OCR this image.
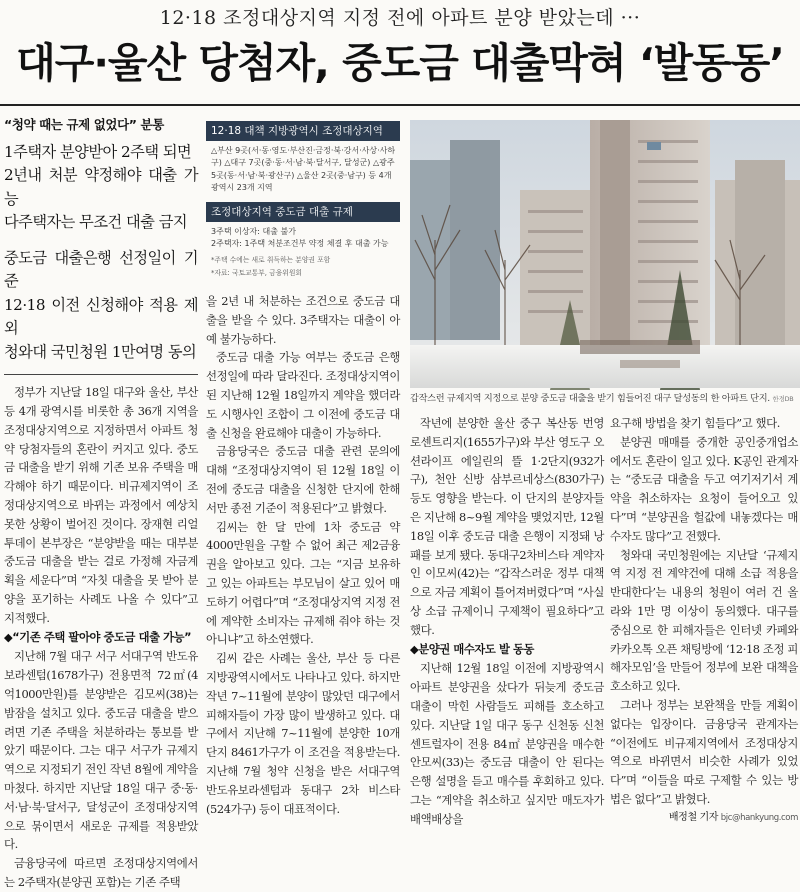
12·18 조정대상지역 지정 전에 아파트 분양 받았는데 ···
대구·울산 당첨자, 중도금 대출막혀 ‘발동동’
“청약 때는 규제 없었다” 분통
1주택자 분양받아 2주택 되면
2년내 처분 약정해야 대출 가능
다주택자는 무조건 대출 금지
중도금 대출은행 선정일이 기준
12·18 이전 신청해야 적용 제외
청와대 국민청원 1만여명 동의

정부가 지난달 18일 대구와 울산, 부산 등 4개 광역시를 비롯한 총 36개 지역을 조정대상지역으로 지정하면서 아파트 청약 당첨자들의 혼란이 커지고 있다. 중도금 대출을 받기 위해 기존 보유 주택을 매각해야 하기 때문이다. 비규제지역이 조정대상지역으로 바뀌는 과정에서 예상치 못한 상황이 벌어진 것이다. 장재현 리얼투데이 본부장은 “분양받을 때는 대부분 중도금 대출을 받는 걸로 가정해 자금계획을 세운다”며 “자칫 대출을 못 받아 분양을 포기하는 사례도 나올 수 있다”고 지적했다.

◆“기존 주택 팔아야 중도금 대출 가능”

지난해 7월 대구 서구 서대구역 반도유보라센텀(1678가구) 전용면적 72㎡(4억1000만원)를 분양받은 김모씨(38)는 밤잠을 설치고 있다. 중도금 대출을 받으려면 기존 주택을 처분하라는 통보를 받았기 때문이다. 그는 대구 서구가 규제지역으로 지정되기 전인 작년 8월에 계약을 마쳤다. 하지만 지난달 18일 대구 중·동·서·남·북·달서구, 달성군이 조정대상지역으로 묶이면서 새로운 규제를 적용받았다.

금융당국에 따르면 조정대상지역에서는 2주택자(분양권 포함)는 기존 주택

12·18 대책 지방광역시 조정대상지역
△부산 9곳(서·동·영도·부산진·금정·북·강서·사상·사하구) △대구 7곳(중·동·서·남·북·달서구, 달성군) △광주 5곳(동·서·남·북·광산구) △울산 2곳(중·남구) 등 4개 광역시 23개 지역
조정대상지역 중도금 대출 규제
3주택 이상자: 대출 불가
2주택자: 1주택 처분조건부 약정 체결 후 대출 가능
*주택 수에는 새로 취득하는 분양권 포함
*자료: 국토교통부, 금융위원회

을 2년 내 처분하는 조건으로 중도금 대출을 받을 수 있다. 3주택자는 대출이 아예 불가능하다.

중도금 대출 가능 여부는 중도금 은행 선정일에 따라 달라진다. 조정대상지역이 된 지난해 12월 18일까지 계약을 했더라도 시행사인 조합이 그 이전에 중도금 대출 신청을 완료해야 대출이 가능하다.

금융당국은 중도금 대출 관련 문의에 대해 “조정대상지역이 된 12월 18일 이전에 중도금 대출을 신청한 단지에 한해서만 종전 기준이 적용된다”고 밝혔다.

김씨는 한 달 만에 1차 중도금 약 4000만원을 구할 수 없어 최근 제2금융권을 알아보고 있다. 그는 “지금 보유하고 있는 아파트는 부모님이 살고 있어 매도하기 어렵다”며 “조정대상지역 지정 전에 계약한 소비자는 규제해 줘야 하는 것 아니냐”고 하소연했다.

김씨 같은 사례는 울산, 부산 등 다른 지방광역시에서도 나타나고 있다. 하지만 작년 7~11월에 분양이 많았던 대구에서 피해자들이 가장 많이 발생하고 있다. 대구에서 지난해 7~11월에 분양한 10개 단지 8461가구가 이 조건을 적용받는다. 지난해 7월 청약 신청을 받은 서대구역 반도유보라센텀과 동대구 2차 비스타(524가구) 등이 대표적이다.

갑작스런 규제지역 지정으로 분양 중도금 대출을 받기 힘들어진 대구 달성동의 한 아파트 단지. 한경DB

작년에 분양한 울산 중구 복산동 번영로센트리지(1655가구)와 부산 영도구 오션라이프 에일린의 뜰 1·2단지(932가구), 천안 신방 삼부르네상스(830가구) 등도 영향을 받는다. 이 단지의 분양자들은 지난해 8~9월 계약을 맺었지만, 12월 18일 이후 중도금 대출 은행이 지정돼 낭패를 보게 됐다. 동대구2차비스타 계약자인 이모씨(42)는 “갑작스러운 정부 대책으로 자금 계획이 틀어져버렸다”며 “사실상 소급 규제이니 구제책이 필요하다”고 했다.

◆분양권 매수자도 발 동동

지난해 12월 18일 이전에 지방광역시 아파트 분양권을 샀다가 뒤늦게 중도금 대출이 막힌 사람들도 피해를 호소하고 있다. 지난달 1일 대구 동구 신천동 신천센트럴자이 전용 84㎡ 분양권을 매수한 안모씨(33)는 중도금 대출이 안 된다는 은행 설명을 듣고 매수를 후회하고 있다. 그는 “계약을 취소하고 싶지만 매도자가 배액배상을

요구해 방법을 찾기 힘들다”고 했다.

분양권 매매를 중개한 공인중개업소에서도 혼란이 일고 있다. K공인 관계자는 “중도금 대출을 두고 여기저기서 계약을 취소하자는 요청이 들어오고 있다”며 “분양권을 헐값에 내놓겠다는 매수자도 많다”고 전했다.

청와대 국민청원에는 지난달 ‘규제지역 지정 전 계약건에 대해 소급 적용을 반대한다’는 내용의 청원이 여러 건 올라와 1만 명 이상이 동의했다. 대구를 중심으로 한 피해자들은 인터넷 카페와 카카오톡 오픈 채팅방에 ‘12·18 조정 피해자모임’을 만들어 정부에 보완 대책을 호소하고 있다.

그러나 정부는 보완책을 만들 계획이 없다는 입장이다. 금융당국 관계자는 “이전에도 비규제지역에서 조정대상지역으로 바뀌면서 비슷한 사례가 있었다”며 “이들을 따로 구제할 수 있는 방법은 없다”고 밝혔다.

배정철 기자 bjc@hankyung.com
